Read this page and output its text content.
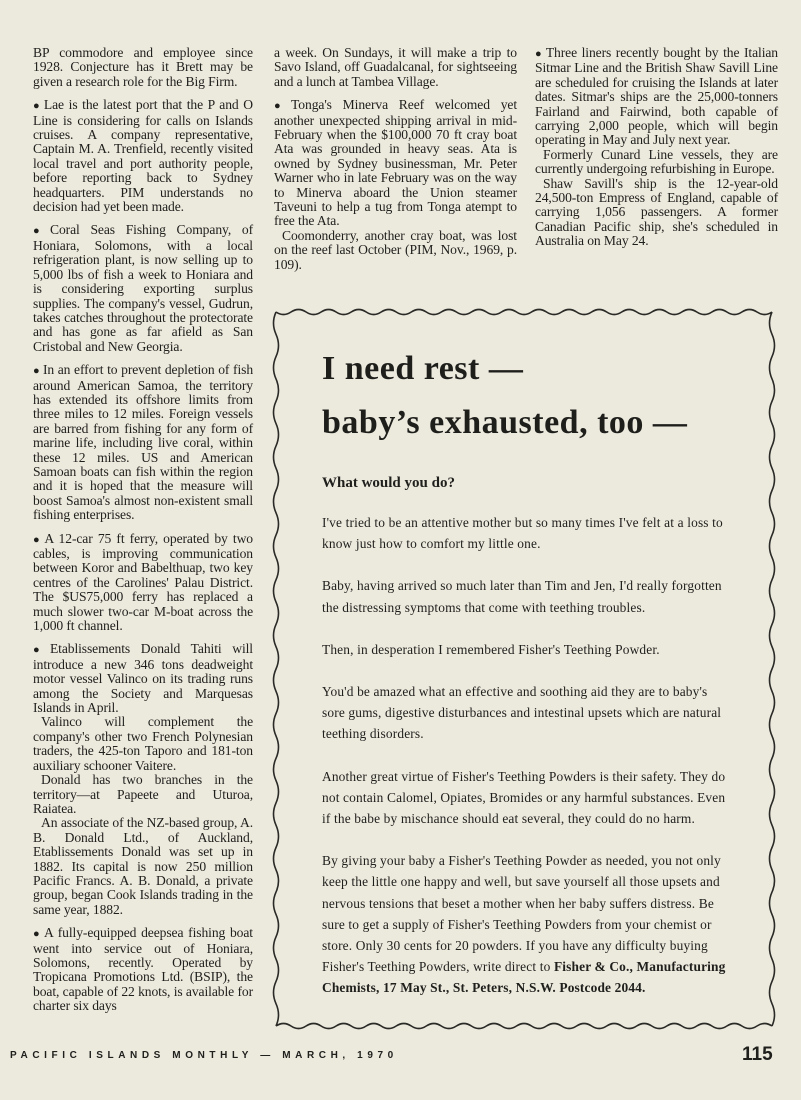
BP commodore and employee since 1928. Conjecture has it Brett may be given a research role for the Big Firm.

● Lae is the latest port that the P and O Line is considering for calls on Islands cruises. A company representative, Captain M. A. Trenfield, recently visited local travel and port authority people, before reporting back to Sydney headquarters. PIM understands no decision had yet been made.

● Coral Seas Fishing Company, of Honiara, Solomons, with a local refrigeration plant, is now selling up to 5,000 lbs of fish a week to Honiara and is considering exporting surplus supplies. The company's vessel, Gudrun, takes catches throughout the protectorate and has gone as far afield as San Cristobal and New Georgia.

● In an effort to prevent depletion of fish around American Samoa, the territory has extended its offshore limits from three miles to 12 miles. Foreign vessels are barred from fishing for any form of marine life, including live coral, within these 12 miles. US and American Samoan boats can fish within the region and it is hoped that the measure will boost Samoa's almost non-existent small fishing enterprises.

● A 12-car 75 ft ferry, operated by two cables, is improving communication between Koror and Babelthuap, two key centres of the Carolines' Palau District. The $US75,000 ferry has replaced a much slower two-car M-boat across the 1,000 ft channel.

● Etablissements Donald Tahiti will introduce a new 346 tons deadweight motor vessel Valinco on its trading runs among the Society and Marquesas Islands in April.

Valinco will complement the company's other two French Polynesian traders, the 425-ton Taporo and 181-ton auxiliary schooner Vaitere.

Donald has two branches in the territory—at Papeete and Uturoa, Raiatea.

An associate of the NZ-based group, A. B. Donald Ltd., of Auckland, Etablissements Donald was set up in 1882. Its capital is now 250 million Pacific Francs. A. B. Donald, a private group, began Cook Islands trading in the same year, 1882.

● A fully-equipped deepsea fishing boat went into service out of Honiara, Solomons, recently. Operated by Tropicana Promotions Ltd. (BSIP), the boat, capable of 22 knots, is available for charter six days

a week. On Sundays, it will make a trip to Savo Island, off Guadalcanal, for sightseeing and a lunch at Tambea Village.

● Tonga's Minerva Reef welcomed yet another unexpected shipping arrival in mid-February when the $100,000 70 ft cray boat Ata was grounded in heavy seas. Ata is owned by Sydney businessman, Mr. Peter Warner who in late February was on the way to Minerva aboard the Union steamer Taveuni to help a tug from Tonga atempt to free the Ata.

Coomonderry, another cray boat, was lost on the reef last October (PIM, Nov., 1969, p. 109).

● Three liners recently bought by the Italian Sitmar Line and the British Shaw Savill Line are scheduled for cruising the Islands at later dates. Sitmar's ships are the 25,000-tonners Fairland and Fairwind, both capable of carrying 2,000 people, which will begin operating in May and July next year.

Formerly Cunard Line vessels, they are currently undergoing refurbishing in Europe.

Shaw Savill's ship is the 12-year-old 24,500-ton Empress of England, capable of carrying 1,056 passengers. A former Canadian Pacific ship, she's scheduled in Australia on May 24.

I need rest —
baby’s exhausted, too —
What would you do?

I've tried to be an attentive mother but so many times I've felt at a loss to know just how to comfort my little one.

Baby, having arrived so much later than Tim and Jen, I'd really forgotten the distressing symptoms that come with teething troubles.

Then, in desperation I remembered Fisher's Teething Powder.

You'd be amazed what an effective and soothing aid they are to baby's sore gums, digestive disturbances and intestinal upsets which are natural teething disorders.

Another great virtue of Fisher's Teething Powders is their safety. They do not contain Calomel, Opiates, Bromides or any harmful substances. Even if the babe by mischance should eat several, they could do no harm.

By giving your baby a Fisher's Teething Powder as needed, you not only keep the little one happy and well, but save yourself all those upsets and nervous tensions that beset a mother when her baby suffers distress. Be sure to get a supply of Fisher's Teething Powders from your chemist or store. Only 30 cents for 20 powders. If you have any difficulty buying Fisher's Teething Powders, write direct to Fisher & Co., Manufacturing Chemists, 17 May St., St. Peters, N.S.W. Postcode 2044.

PACIFIC ISLANDS MONTHLY — MARCH, 1970	115
